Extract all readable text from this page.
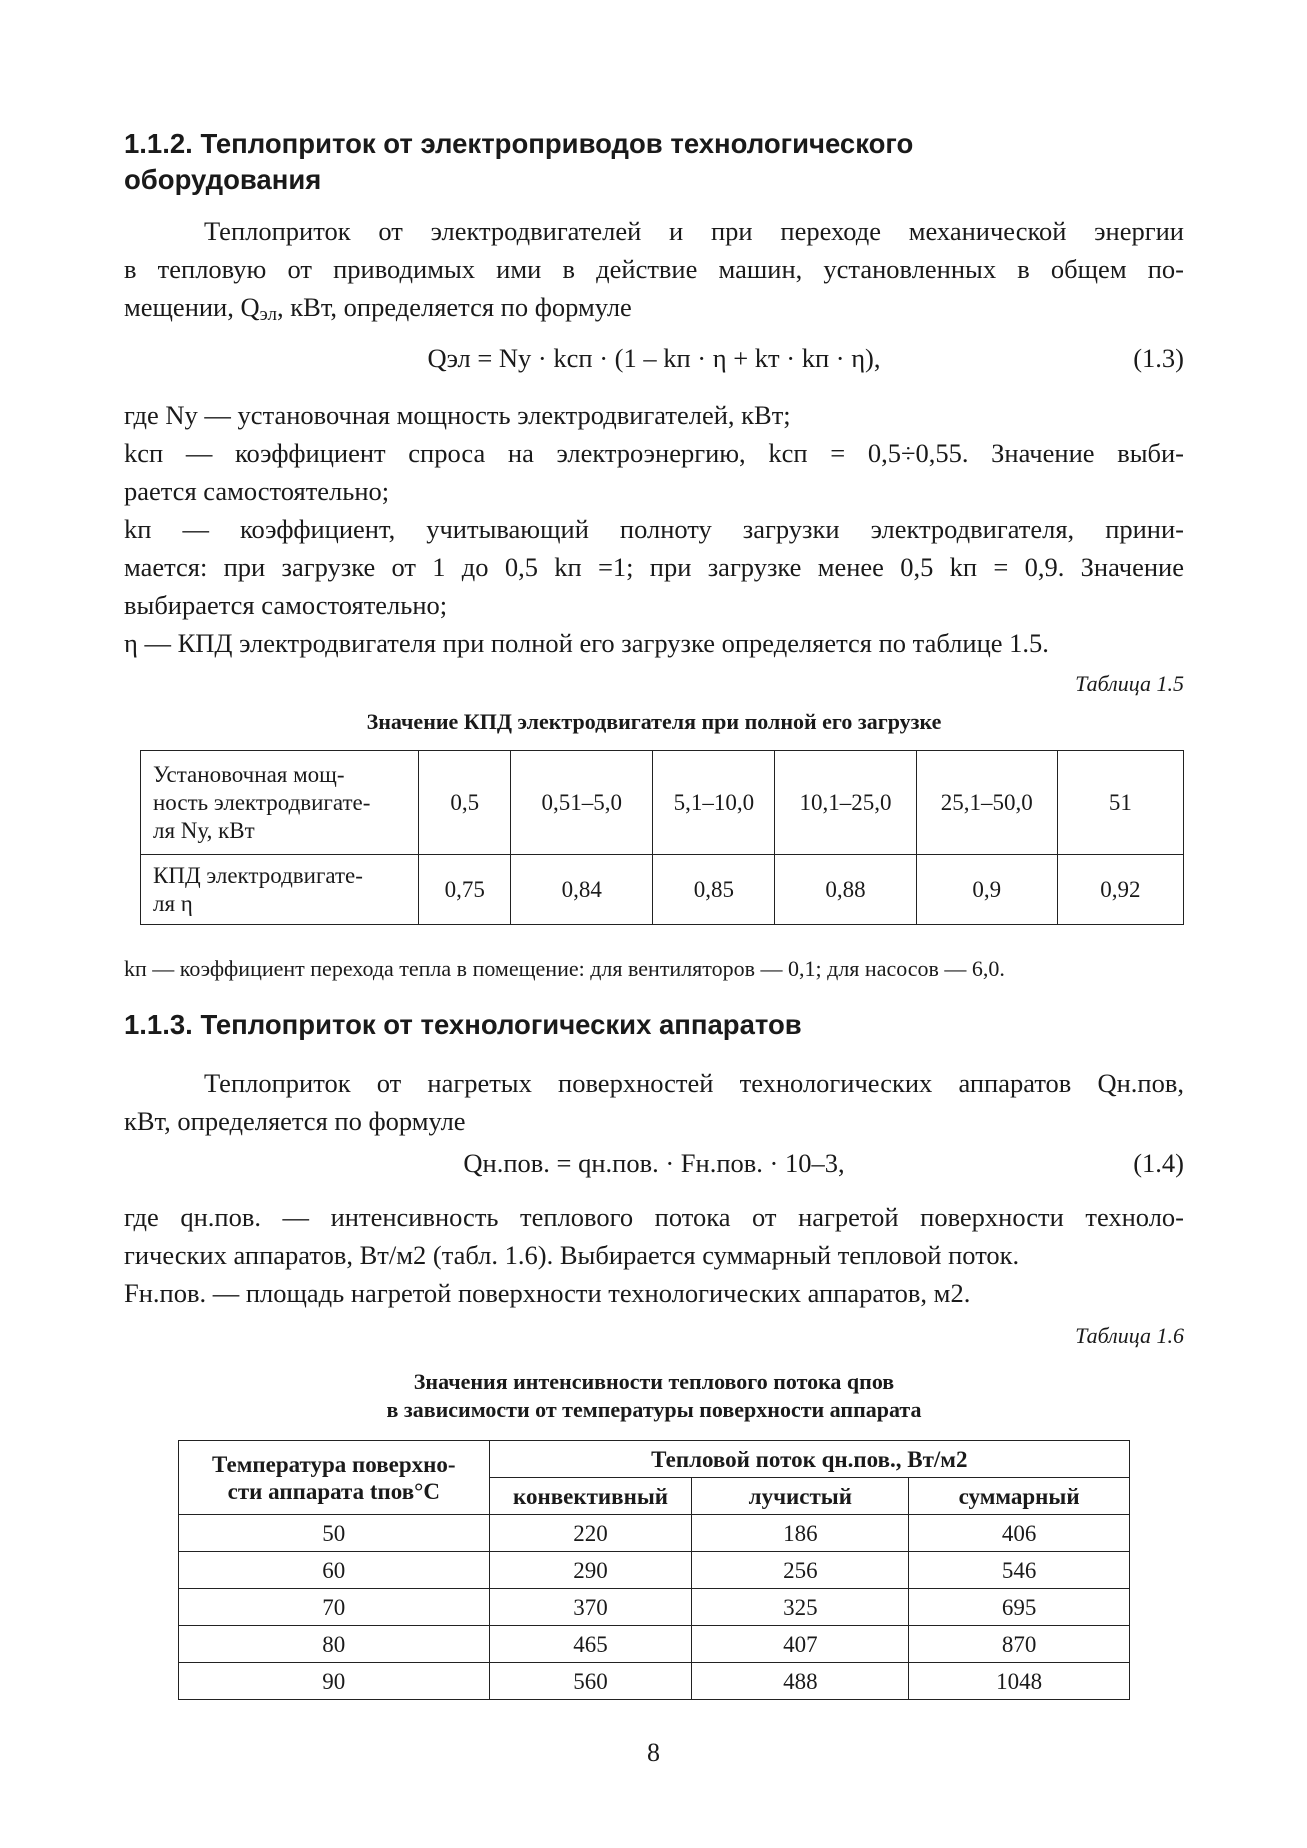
1.1.2. Теплоприток от электроприводов технологического
оборудования
Теплоприток от электродвигателей и при переходе механической энергии
в тепловую от приводимых ими в действие машин, установленных в общем по-
мещении, $Q_{эл}$, кВт, определяется по формуле
Qэл = Nу · kсп · (1 – kп · η + kт · kп · η),	(1.3)
где Nу — установочная мощность электродвигателей, кВт;
kсп — коэффициент спроса на электроэнергию, kсп = 0,5÷0,55. Значение выби-
рается самостоятельно;
kп — коэффициент, учитывающий полноту загрузки электродвигателя, прини-
мается: при загрузке от 1 до 0,5 kп =1; при загрузке менее 0,5 kп = 0,9. Значение
выбирается самостоятельно;
η — КПД электродвигателя при полной его загрузке определяется по таблице 1.5.
Таблица 1.5
Значение КПД электродвигателя при полной его загрузке
Установочная мощ-
ность электродвигате-
ля Nу, кВт	0,5	0,51–5,0	5,1–10,0	10,1–25,0	25,1–50,0	51

КПД электродвигате-
ля η	0,75	0,84	0,85	0,88	0,9	0,92
kп — коэффициент перехода тепла в помещение: для вентиляторов — 0,1; для насосов — 6,0.
1.1.3. Теплоприток от технологических аппаратов
Теплоприток от нагретых поверхностей технологических аппаратов Qн.пов,
кВт, определяется по формуле
Qн.пов. = qн.пов. · Fн.пов. · 10–3,	(1.4)
где qн.пов. — интенсивность теплового потока от нагретой поверхности техноло-
гических аппаратов, Вт/м2 (табл. 1.6). Выбирается суммарный тепловой поток.
Fн.пов. — площадь нагретой поверхности технологических аппаратов, м2.
Таблица 1.6
Значения интенсивности теплового потока qпов
в зависимости от температуры поверхности аппарата
Температура поверхно-
сти аппарата tпов°С	Тепловой поток qн.пов., Вт/м2		
	конвективный	лучистый	суммарный
50	220	186	406
60	290	256	546
70	370	325	695
80	465	407	870
90	560	488	1048
8
